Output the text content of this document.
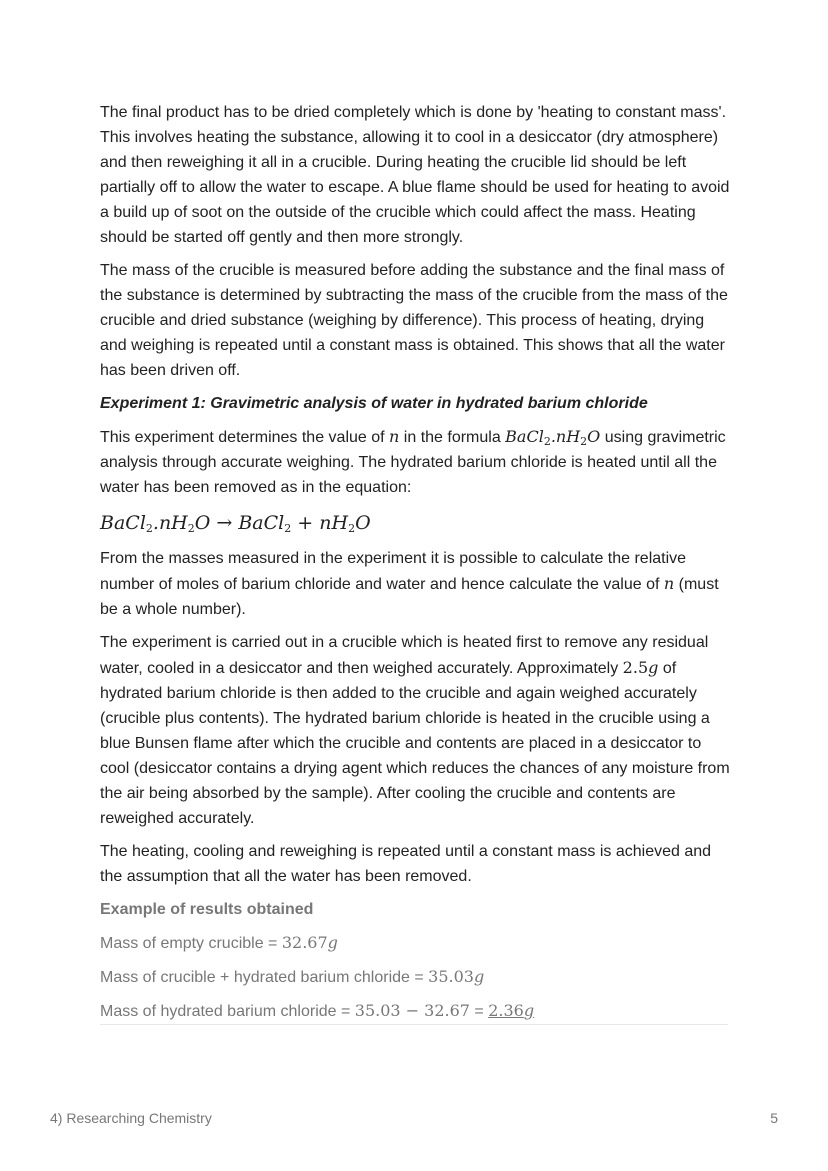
The final product has to be dried completely which is done by 'heating to constant mass'. This involves heating the substance, allowing it to cool in a desiccator (dry atmosphere) and then reweighing it all in a crucible. During heating the crucible lid should be left partially off to allow the water to escape. A blue flame should be used for heating to avoid a build up of soot on the outside of the crucible which could affect the mass. Heating should be started off gently and then more strongly.

The mass of the crucible is measured before adding the substance and the final mass of the substance is determined by subtracting the mass of the crucible from the mass of the crucible and dried substance (weighing by difference). This process of heating, drying and weighing is repeated until a constant mass is obtained. This shows that all the water has been driven off.

Experiment 1: Gravimetric analysis of water in hydrated barium chloride

This experiment determines the value of n in the formula $BaCl_2.nH_2O$ using gravimetric analysis through accurate weighing. The hydrated barium chloride is heated until all the water has been removed as in the equation:

$BaCl_2.nH_2O$ → BaCl$_2$ + $nH_2O$

From the masses measured in the experiment it is possible to calculate the relative number of moles of barium chloride and water and hence calculate the value of n (must be a whole number).

The experiment is carried out in a crucible which is heated first to remove any residual water, cooled in a desiccator and then weighed accurately. Approximately 2.5g of hydrated barium chloride is then added to the crucible and again weighed accurately (crucible plus contents). The hydrated barium chloride is heated in the crucible using a blue Bunsen flame after which the crucible and contents are placed in a desiccator to cool (desiccator contains a drying agent which reduces the chances of any moisture from the air being absorbed by the sample). After cooling the crucible and contents are reweighed accurately.

The heating, cooling and reweighing is repeated until a constant mass is achieved and the assumption that all the water has been removed.

Example of results obtained

Mass of empty crucible = 32.67g

Mass of crucible + hydrated barium chloride = 35.03g

Mass of hydrated barium chloride = 35.03 − 32.67 = 2.36g

4) Researching Chemistry	5
